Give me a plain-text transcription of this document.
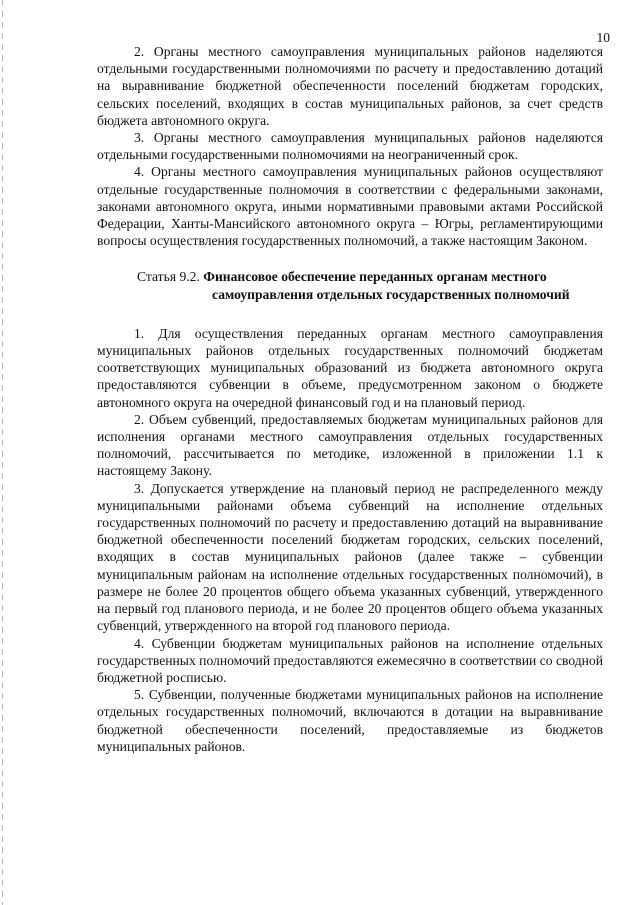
10

2. Органы местного самоуправления муниципальных районов наделяются отдельными государственными полномочиями по расчету и предоставлению дотаций на выравнивание бюджетной обеспеченности поселений бюджетам городских, сельских поселений, входящих в состав муниципальных районов, за счет средств бюджета автономного округа.

3. Органы местного самоуправления муниципальных районов наделяются отдельными государственными полномочиями на неограниченный срок.

4. Органы местного самоуправления муниципальных районов осуществляют отдельные государственные полномочия в соответствии с федеральными законами, законами автономного округа, иными нормативными правовыми актами Российской Федерации, Ханты-Мансийского автономного округа – Югры, регламентирующими вопросы осуществления государственных полномочий, а также настоящим Законом.

Статья 9.2. Финансовое обеспечение переданных органам местного
самоуправления отдельных государственных полномочий

1. Для осуществления переданных органам местного самоуправления муниципальных районов отдельных государственных полномочий бюджетам соответствующих муниципальных образований из бюджета автономного округа предоставляются субвенции в объеме, предусмотренном законом о бюджете автономного округа на очередной финансовый год и на плановый период.

2. Объем субвенций, предоставляемых бюджетам муниципальных районов для исполнения органами местного самоуправления отдельных государственных полномочий, рассчитывается по методике, изложенной в приложении 1.1 к настоящему Закону.

3. Допускается утверждение на плановый период не распределенного между муниципальными районами объема субвенций на исполнение отдельных государственных полномочий по расчету и предоставлению дотаций на выравнивание бюджетной обеспеченности поселений бюджетам городских, сельских поселений, входящих в состав муниципальных районов (далее также – субвенции муниципальным районам на исполнение отдельных государственных полномочий), в размере не более 20 процентов общего объема указанных субвенций, утвержденного на первый год планового периода, и не более 20 процентов общего объема указанных субвенций, утвержденного на второй год планового периода.

4. Субвенции бюджетам муниципальных районов на исполнение отдельных государственных полномочий предоставляются ежемесячно в соответствии со сводной бюджетной росписью.

5. Субвенции, полученные бюджетами муниципальных районов на исполнение отдельных государственных полномочий, включаются в дотации на выравнивание бюджетной обеспеченности поселений, предоставляемые из бюджетов муниципальных районов.
